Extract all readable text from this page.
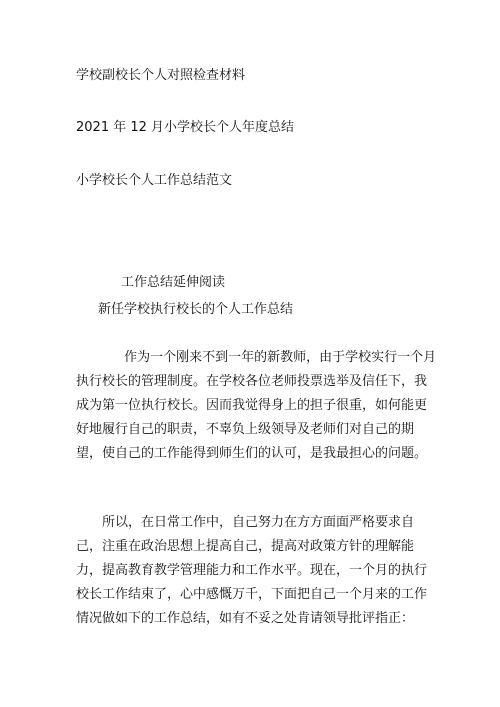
学校副校长个人对照检查材料
2021 年 12 月小学校长个人年度总结
小学校长个人工作总结范文
工作总结延伸阅读
新任学校执行校长的个人工作总结

作为一个刚来不到一年的新教师，由于学校实行一个月执行校长的管理制度。在学校各位老师投票选举及信任下，我成为第一位执行校长。因而我觉得身上的担子很重，如何能更好地履行自己的职责，不辜负上级领导及老师们对自己的期望，使自己的工作能得到师生们的认可，是我最担心的问题。

所以，在日常工作中，自己努力在方方面面严格要求自己，注重在政治思想上提高自己，提高对政策方针的理解能力，提高教育教学管理能力和工作水平。现在，一个月的执行校长工作结束了，心中感慨万千，下面把自己一个月来的工作情况做如下的工作总结，如有不妥之处肯请领导批评指正：
